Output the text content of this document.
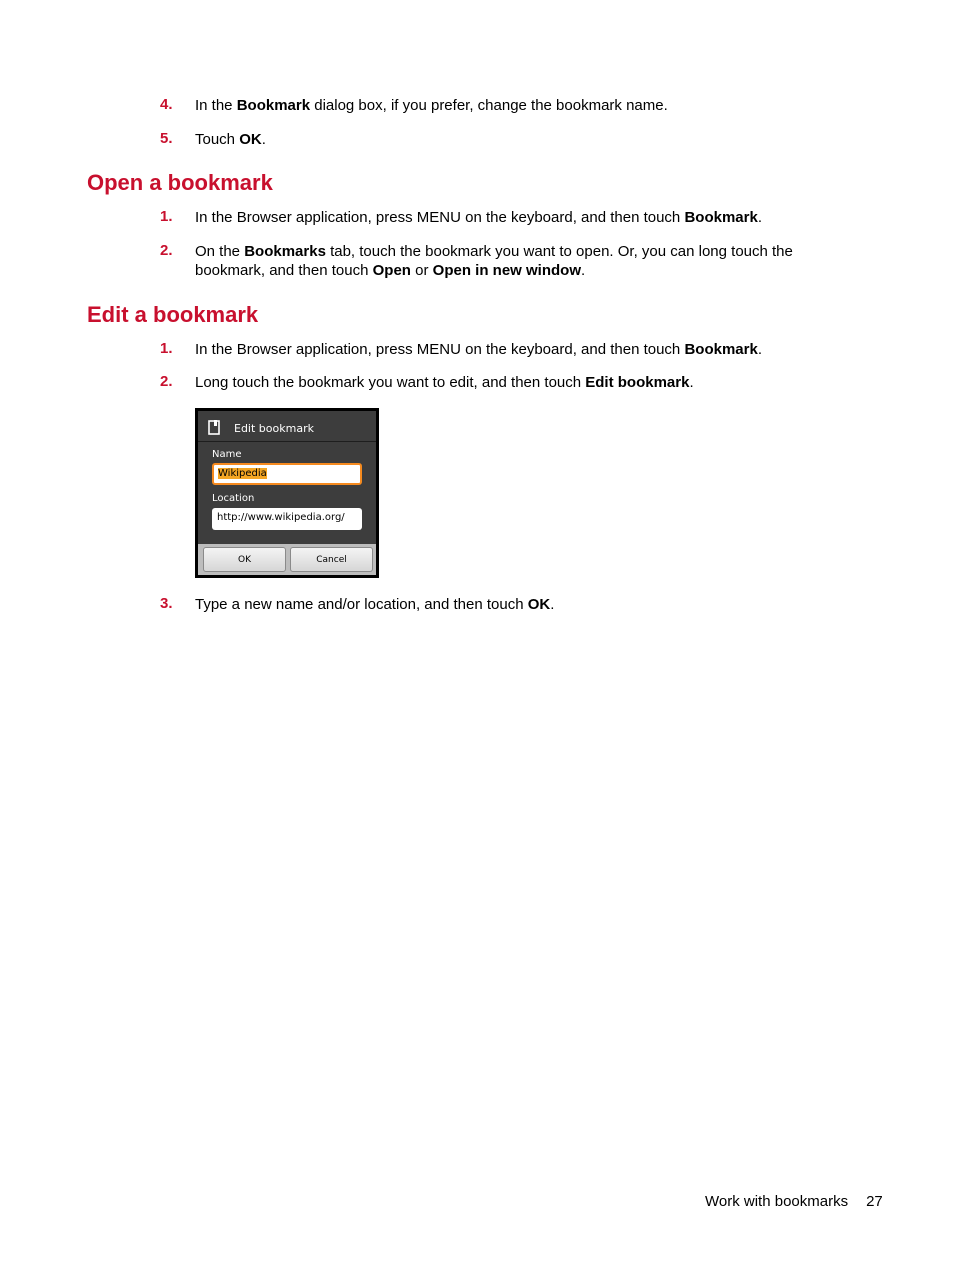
4. In the Bookmark dialog box, if you prefer, change the bookmark name.
5. Touch OK.
Open a bookmark
1. In the Browser application, press MENU on the keyboard, and then touch Bookmark.
2. On the Bookmarks tab, touch the bookmark you want to open. Or, you can long touch the bookmark, and then touch Open or Open in new window.
Edit a bookmark
1. In the Browser application, press MENU on the keyboard, and then touch Bookmark.
2. Long touch the bookmark you want to edit, and then touch Edit bookmark.
Edit bookmark
Name
Wikipedia
Location
http://www.wikipedia.org/
OK	Cancel
3. Type a new name and/or location, and then touch OK.
Work with bookmarks 27
